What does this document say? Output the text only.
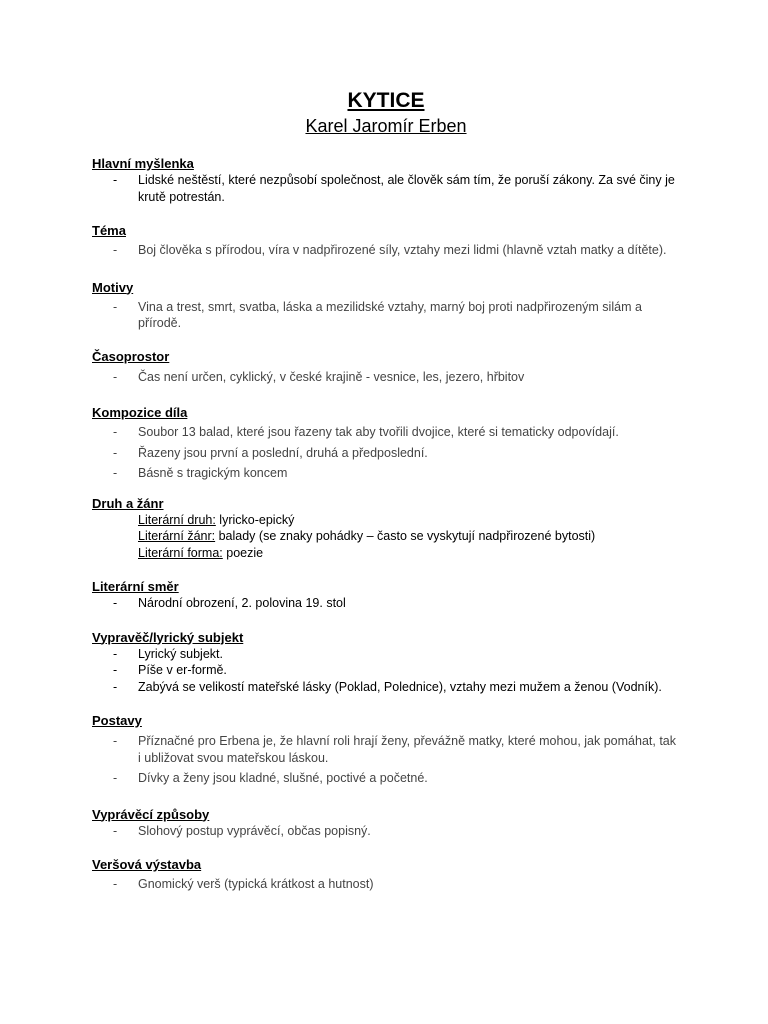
KYTICE

Karel Jaromír Erben

Hlavní myšlenka

- Lidské neštěstí, které nezpůsobí společnost, ale člověk sám tím, že poruší zákony. Za své činy je krutě potrestán.

Téma

- Boj člověka s přírodou, víra v nadpřirozené síly, vztahy mezi lidmi (hlavně vztah matky a dítěte).

Motivy

- Vina a trest, smrt, svatba, láska a mezilidské vztahy, marný boj proti nadpřirozeným silám a přírodě.

Časoprostor

- Čas není určen, cyklický, v české krajině - vesnice, les, jezero, hřbitov

Kompozice díla

- Soubor 13 balad, které jsou řazeny tak aby tvořili dvojice, které si tematicky odpovídají.
- Řazeny jsou první a poslední, druhá a předposlední.
- Básně s tragickým koncem

Druh a žánr

Literární druh: lyricko-epický
Literární žánr: balady (se znaky pohádky – často se vyskytují nadpřirozené bytosti)
Literární forma: poezie

Literární směr

- Národní obrození, 2. polovina 19. stol

Vypravěč/lyrický subjekt

- Lyrický subjekt.
- Píše v er-formě.
- Zabývá se velikostí mateřské lásky (Poklad, Polednice), vztahy mezi mužem a ženou (Vodník).

Postavy

- Příznačné pro Erbena je, že hlavní roli hrají ženy, převážně matky, které mohou, jak pomáhat, tak i ubližovat svou mateřskou láskou.
- Dívky a ženy jsou kladné, slušné, poctivé a početné.

Vyprávěcí způsoby

- Slohový postup vyprávěcí, občas popisný.

Veršová výstavba

- Gnomický verš (typická krátkost a hutnost)
